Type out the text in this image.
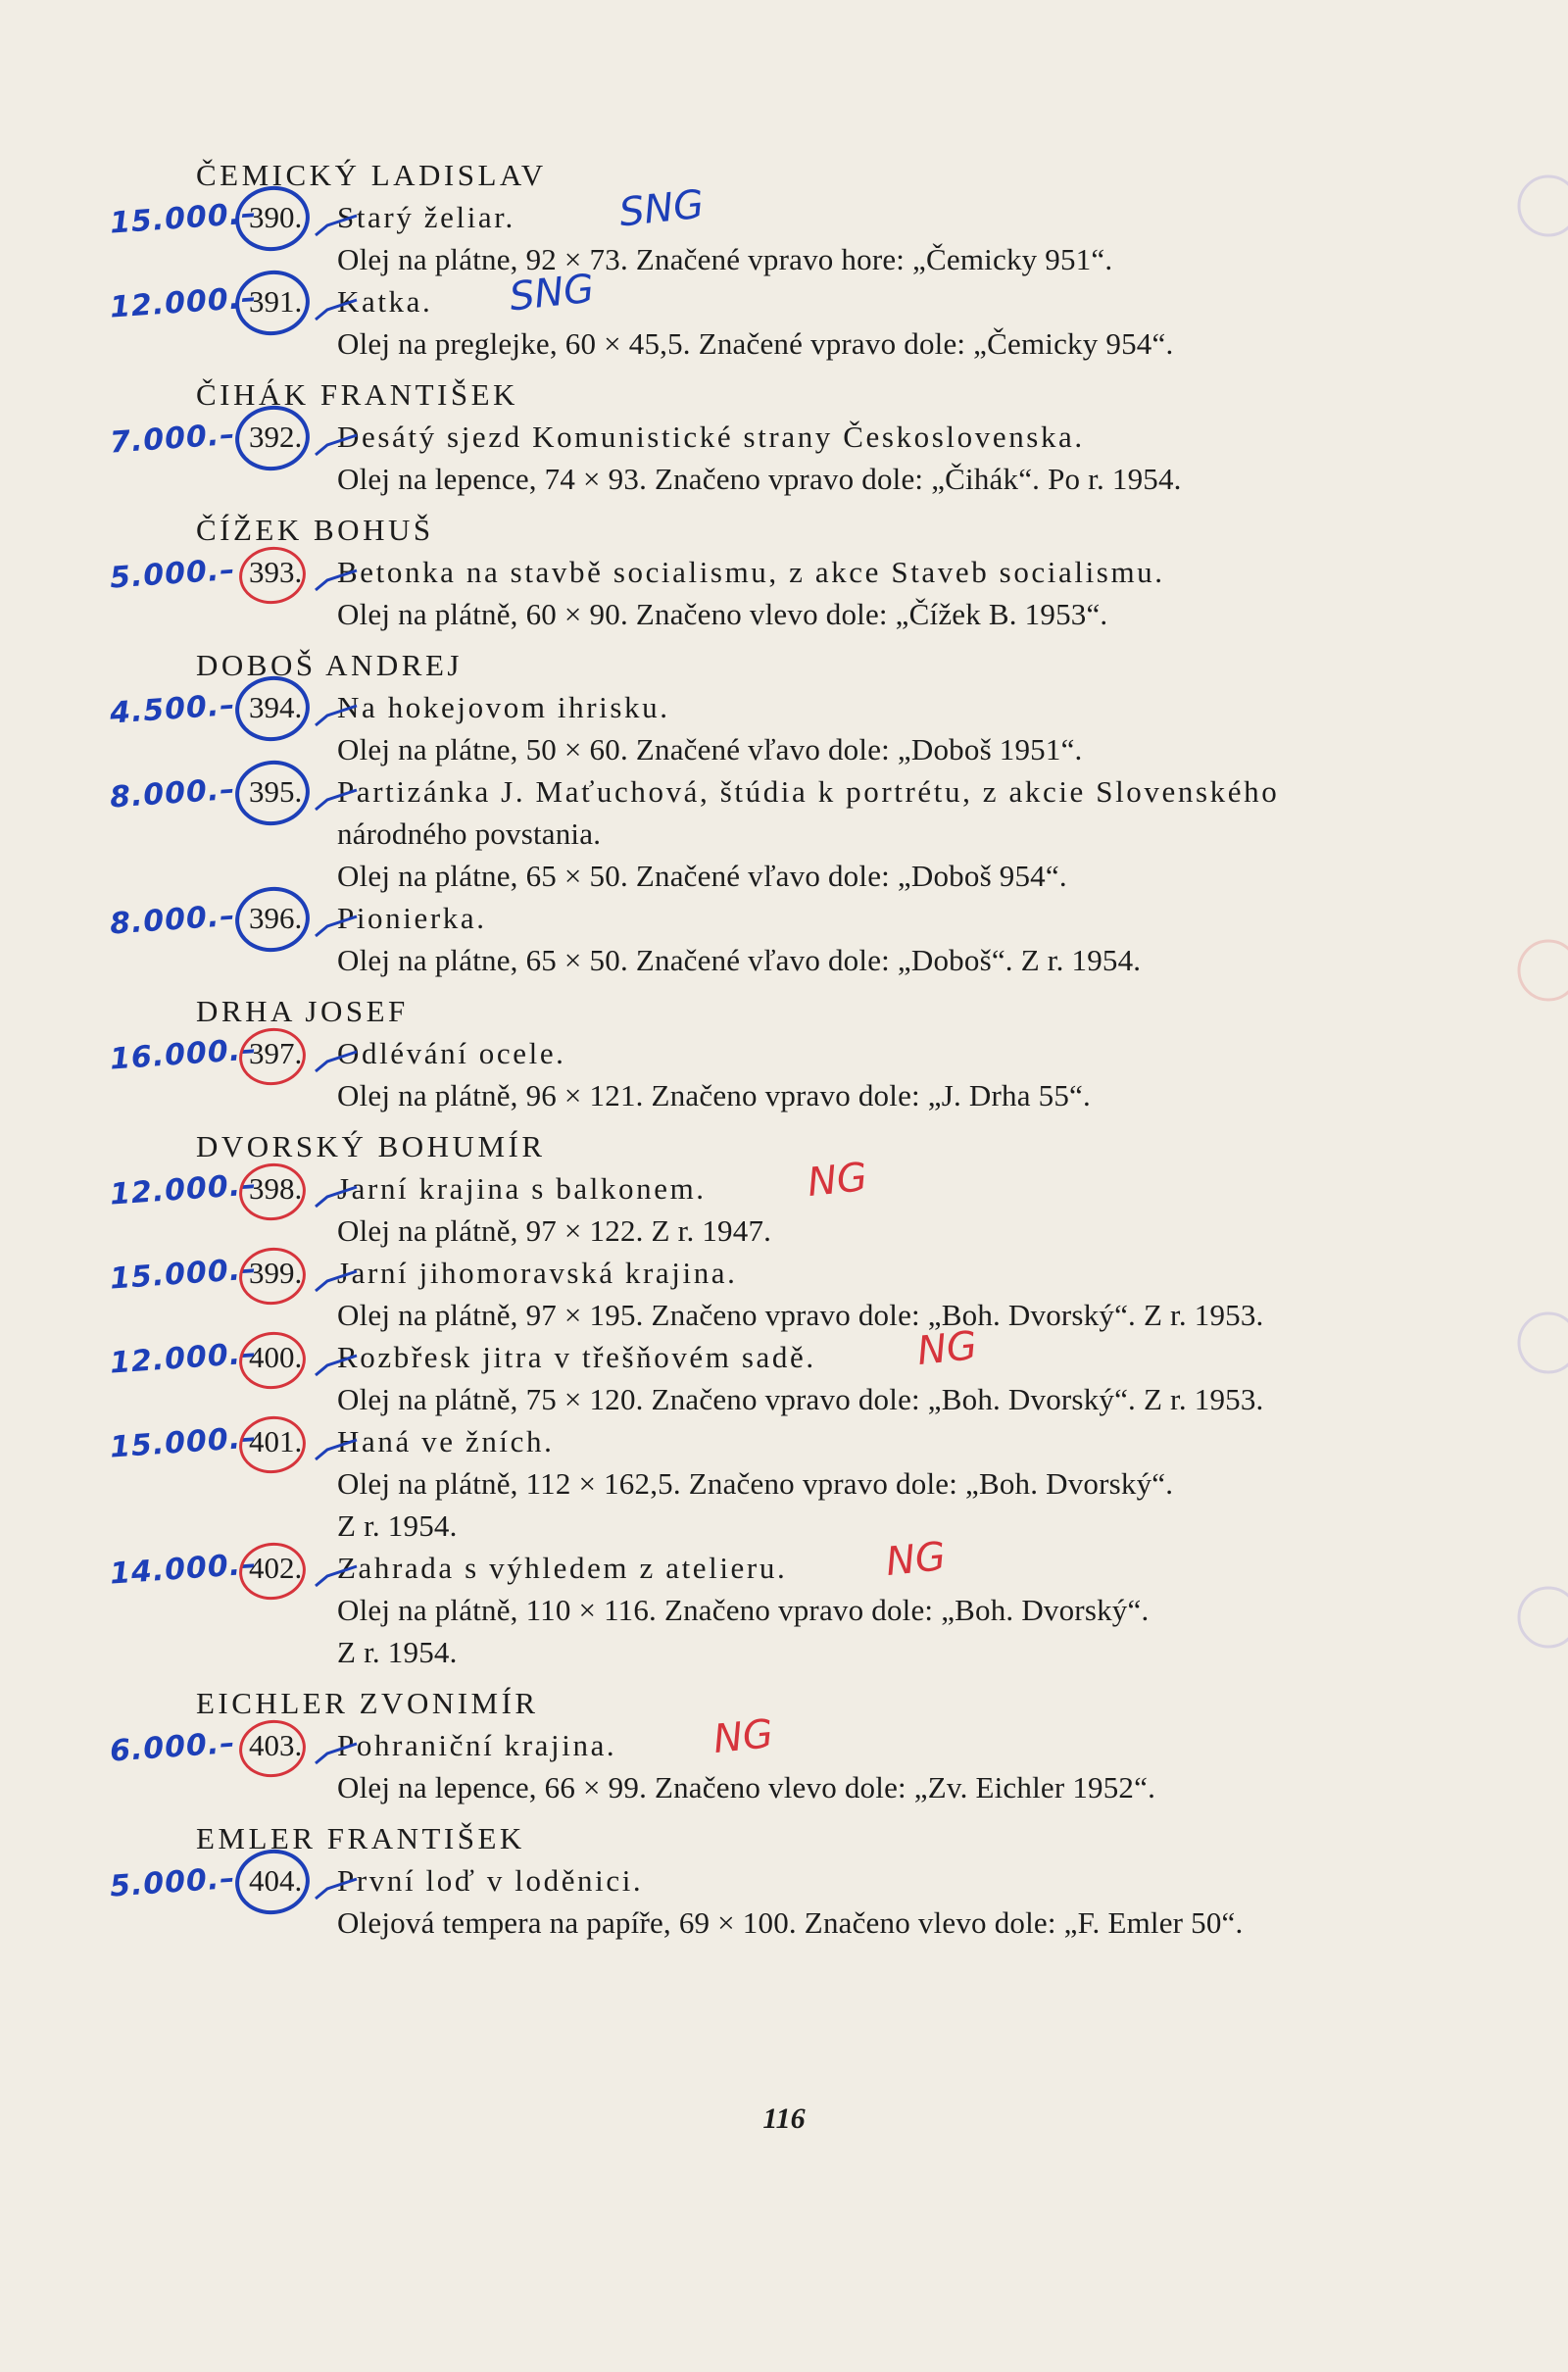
ČEMICKÝ LADISLAV
15.000.–
390.	Starý želiar.
Olej na plátne, 92 × 73. Značené vpravo hore: „Čemicky 951“.
SNG
12.000.–
391.	Katka.
Olej na preglejke, 60 × 45,5. Značené vpravo dole: „Čemicky 954“.
SNG
ČIHÁK FRANTIŠEK
7.000.– 392.	Desátý sjezd Komunistické strany Československa.
Olej na lepence, 74 × 93. Značeno vpravo dole: „Čihák“. Po r. 1954.
ČÍŽEK BOHUŠ
5.000.– 393.	Betonka na stavbě socialismu, z akce Staveb socialismu.
Olej na plátně, 60 × 90. Značeno vlevo dole: „Čížek B. 1953“.
DOBOŠ ANDREJ
4.500.– 394.	Na hokejovom ihrisku.
Olej na plátne, 50 × 60. Značené vľavo dole: „Doboš 1951“.
8.000.– 395.	Partizánka J. Maťuchová, štúdia k portrétu, z akcie Slovenského
národného povstania.
Olej na plátne, 65 × 50. Značené vľavo dole: „Doboš 954“.
8.000.– 396.	Pionierka.
Olej na plátne, 65 × 50. Značené vľavo dole: „Doboš“. Z r. 1954.
DRHA JOSEF
16.000.–
397.	Odlévání ocele.
Olej na plátně, 96 × 121. Značeno vpravo dole: „J. Drha 55“.
DVORSKÝ BOHUMÍR
12.000.–
398.	Jarní krajina s balkonem.
Olej na plátně, 97 × 122. Z r. 1947.
NG
15.000.–
399.	Jarní jihomoravská krajina.
Olej na plátně, 97 × 195. Značeno vpravo dole: „Boh. Dvorský“. Z r. 1953.
12.000.–
400.	Rozbřesk jitra v třešňovém sadě.
Olej na plátně, 75 × 120. Značeno vpravo dole: „Boh. Dvorský“. Z r. 1953.
NG
15.000.–
401.	Haná ve žních.
Olej na plátně, 112 × 162,5. Značeno vpravo dole: „Boh. Dvorský“.
Z r. 1954.
14.000.–
402.	Zahrada s výhledem z atelieru.
Olej na plátně, 110 × 116. Značeno vpravo dole: „Boh. Dvorský“.
Z r. 1954.
NG
EICHLER ZVONIMÍR
6.000.– 403.	Pohraniční krajina.
Olej na lepence, 66 × 99. Značeno vlevo dole: „Zv. Eichler 1952“.
NG
EMLER FRANTIŠEK
5.000.– 404.	První loď v loděnici.
Olejová tempera na papíře, 69 × 100. Značeno vlevo dole: „F. Emler 50“.
116
